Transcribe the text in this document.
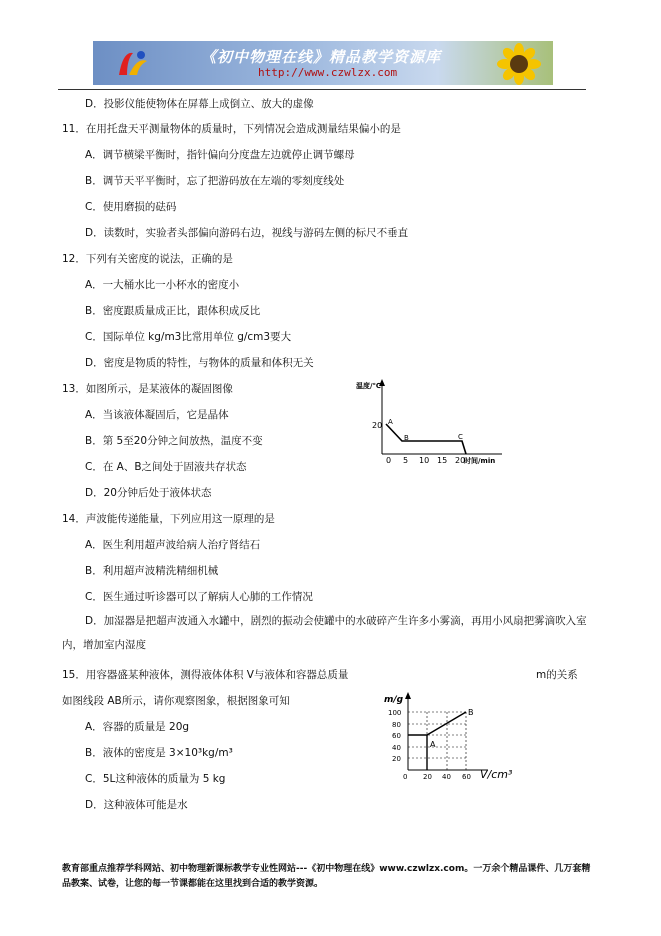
《初中物理在线》精品教学资源库
http://www.czwlzx.com
D．投影仪能使物体在屏幕上成倒立、放大的虚像
11．在用托盘天平测量物体的质量时，下列情况会造成测量结果偏小的是
A．调节横梁平衡时，指针偏向分度盘左边就停止调节螺母
B．调节天平平衡时，忘了把游码放在左端的零刻度线处
C．使用磨损的砝码
D．读数时，实验者头部偏向游码右边，视线与游码左侧的标尺不垂直
12．下列有关密度的说法，正确的是
A．一大桶水比一小杯水的密度小
B．密度跟质量成正比，跟体积成反比
C．国际单位 kg/m3比常用单位 g/cm3要大
D．密度是物质的特性，与物体的质量和体积无关
13．如图所示，是某液体的凝固图像
A．当该液体凝固后，它是晶体
B．第 5至20分钟之间放热，温度不变
C．在 A、B之间处于固液共存状态
D．20分钟后处于液体状态
温度/℃
20
0 5 10 15 20
时间/min
A
B	C
14．声波能传递能量，下列应用这一原理的是
A．医生利用超声波给病人治疗肾结石
B．利用超声波精洗精细机械
C．医生通过听诊器可以了解病人心肺的工作情况
D．加湿器是把超声波通入水罐中，剧烈的振动会使罐中的水破碎产生许多小雾滴，再用小风扇把雾滴吹入室内，增加室内湿度
15．用容器盛某种液体，测得液体体积 V与液体和容器总质量	m的关系
如图线段 AB所示，请你观察图象，根据图象可知
A．容器的质量是 20g
B．液体的密度是 3×10³kg/m³
C．5L这种液体的质量为 5 kg
D．这种液体可能是水
m/g
100
80
60
40
20
0 20 40 60 V/cm³
A
B
教育部重点推荐学科网站、初中物理新课标教学专业性网站---《初中物理在线》www.czwlzx.com。一万余个精品课件、几万套精品教案、试卷，让您的每一节课都能在这里找到合适的教学资源。
